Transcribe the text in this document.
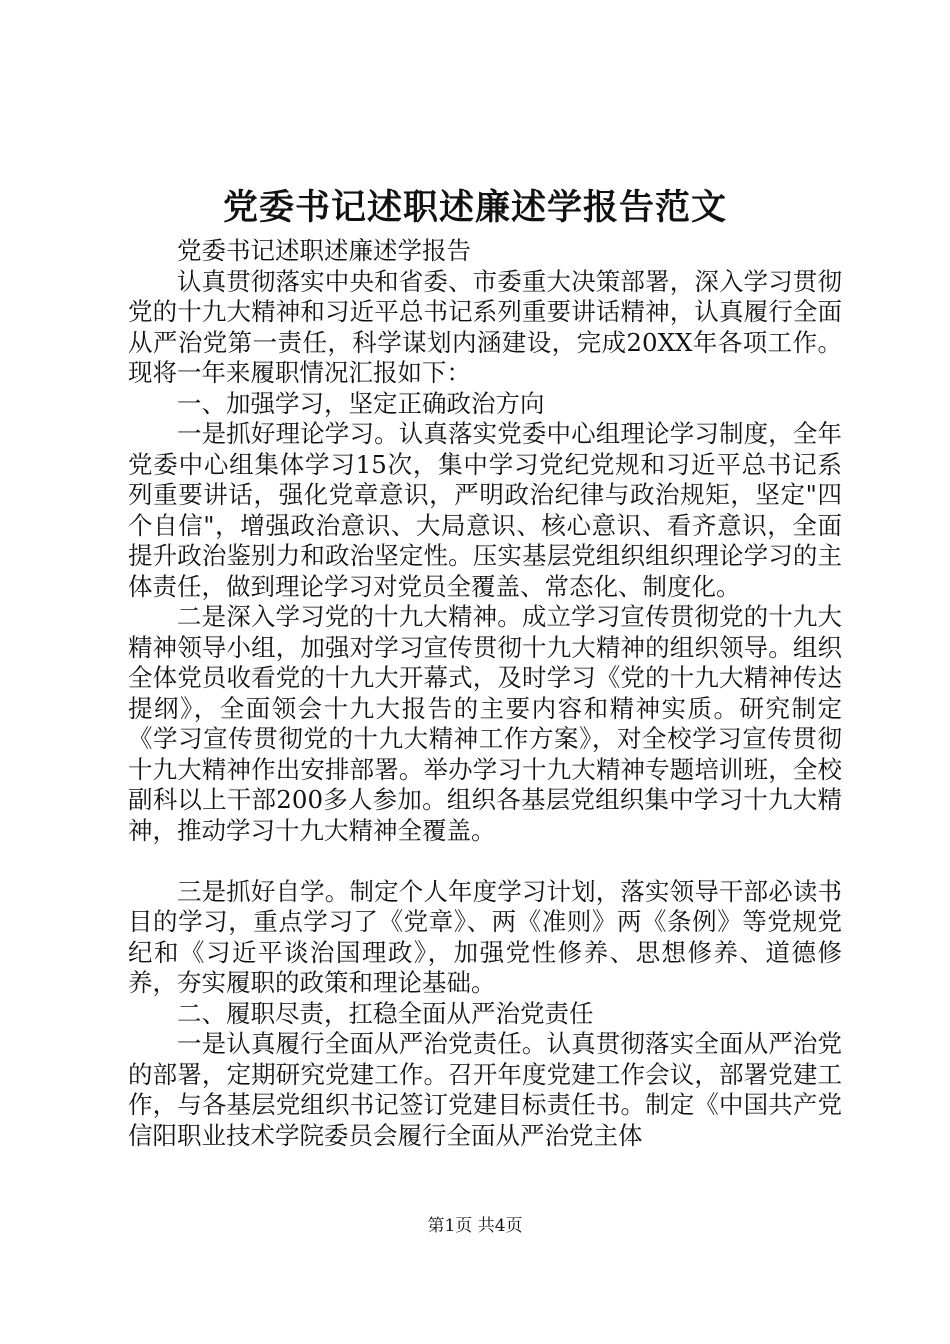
党委书记述职述廉述学报告范文

党委书记述职述廉述学报告

认真贯彻落实中央和省委、市委重大决策部署，深入学习贯彻党的十九大精神和习近平总书记系列重要讲话精神，认真履行全面从严治党第一责任，科学谋划内涵建设，完成20XX年各项工作。现将一年来履职情况汇报如下：

一、加强学习，坚定正确政治方向

一是抓好理论学习。认真落实党委中心组理论学习制度，全年党委中心组集体学习15次，集中学习党纪党规和习近平总书记系列重要讲话，强化党章意识，严明政治纪律与政治规矩，坚定"四个自信"，增强政治意识、大局意识、核心意识、看齐意识，全面提升政治鉴别力和政治坚定性。压实基层党组织组织理论学习的主体责任，做到理论学习对党员全覆盖、常态化、制度化。

二是深入学习党的十九大精神。成立学习宣传贯彻党的十九大精神领导小组，加强对学习宣传贯彻十九大精神的组织领导。组织全体党员收看党的十九大开幕式，及时学习《党的十九大精神传达提纲》，全面领会十九大报告的主要内容和精神实质。研究制定《学习宣传贯彻党的十九大精神工作方案》，对全校学习宣传贯彻十九大精神作出安排部署。举办学习十九大精神专题培训班，全校副科以上干部200多人参加。组织各基层党组织集中学习十九大精神，推动学习十九大精神全覆盖。

三是抓好自学。制定个人年度学习计划，落实领导干部必读书目的学习，重点学习了《党章》、两《准则》两《条例》等党规党纪和《习近平谈治国理政》，加强党性修养、思想修养、道德修养，夯实履职的政策和理论基础。

二、履职尽责，扛稳全面从严治党责任

一是认真履行全面从严治党责任。认真贯彻落实全面从严治党的部署，定期研究党建工作。召开年度党建工作会议，部署党建工作，与各基层党组织书记签订党建目标责任书。制定《中国共产党信阳职业技术学院委员会履行全面从严治党主体

第1页 共4页
